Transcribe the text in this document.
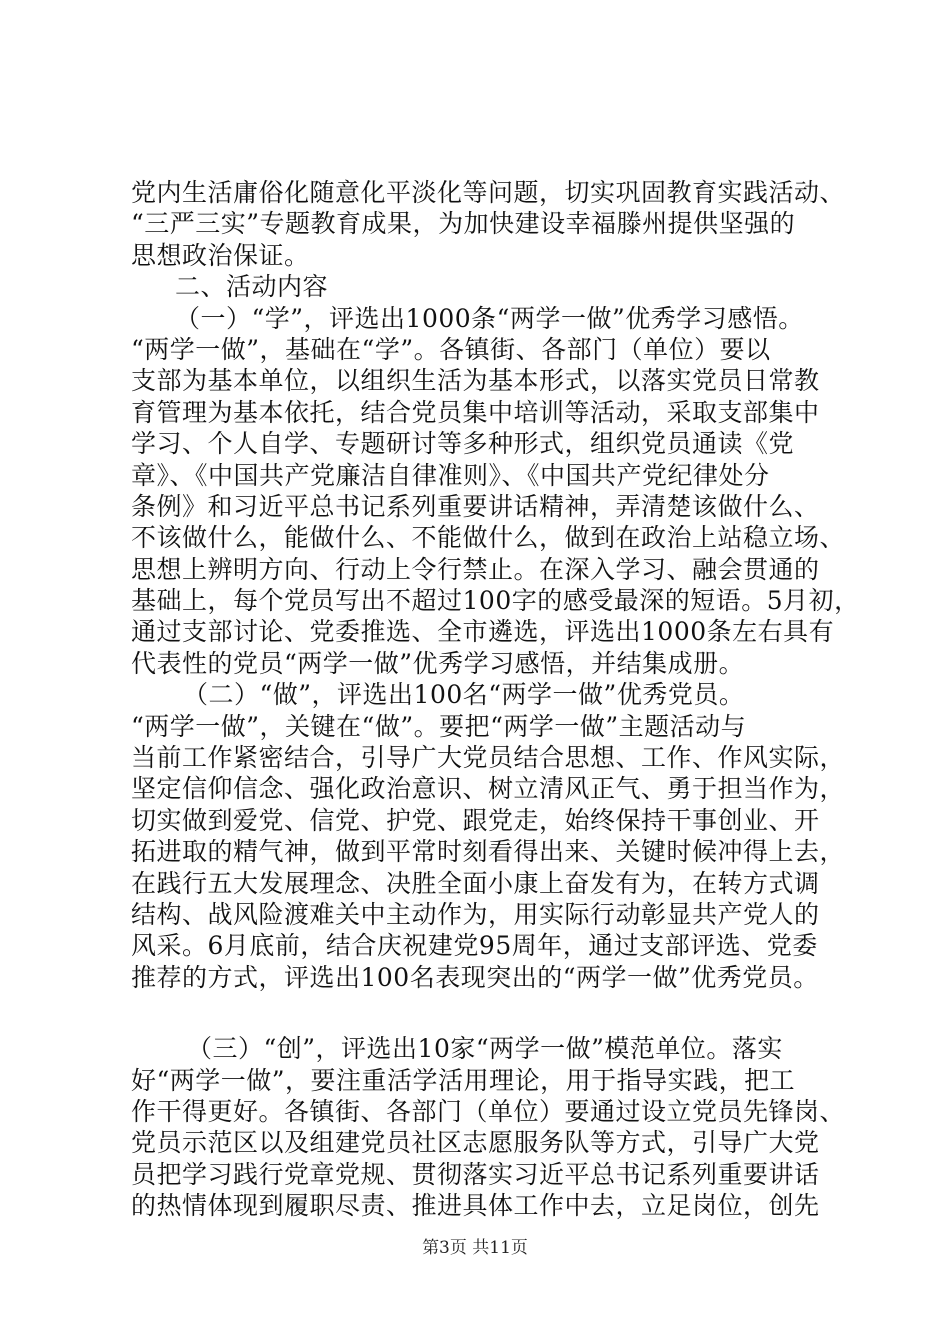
党内生活庸俗化随意化平淡化等问题，切实巩固教育实践活动、
“三严三实”专题教育成果，为加快建设幸福滕州提供坚强的
思想政治保证。
二、活动内容
（一）“学”，评选出1000条“两学一做”优秀学习感悟。
“两学一做”，基础在“学”。各镇街、各部门（单位）要以
支部为基本单位，以组织生活为基本形式，以落实党员日常教
育管理为基本依托，结合党员集中培训等活动，采取支部集中
学习、个人自学、专题研讨等多种形式，组织党员通读《党
章》、《中国共产党廉洁自律准则》、《中国共产党纪律处分
条例》和习近平总书记系列重要讲话精神，弄清楚该做什么、
不该做什么，能做什么、不能做什么，做到在政治上站稳立场、
思想上辨明方向、行动上令行禁止。在深入学习、融会贯通的
基础上，每个党员写出不超过100字的感受最深的短语。5月初，
通过支部讨论、党委推选、全市遴选，评选出1000条左右具有
代表性的党员“两学一做”优秀学习感悟，并结集成册。
（二）“做”，评选出100名“两学一做”优秀党员。
“两学一做”，关键在“做”。要把“两学一做”主题活动与
当前工作紧密结合，引导广大党员结合思想、工作、作风实际，
坚定信仰信念、强化政治意识、树立清风正气、勇于担当作为，
切实做到爱党、信党、护党、跟党走，始终保持干事创业、开
拓进取的精气神，做到平常时刻看得出来、关键时候冲得上去，
在践行五大发展理念、决胜全面小康上奋发有为，在转方式调
结构、战风险渡难关中主动作为，用实际行动彰显共产党人的
风采。6月底前，结合庆祝建党95周年，通过支部评选、党委
推荐的方式，评选出100名表现突出的“两学一做”优秀党员。
（三）“创”，评选出10家“两学一做”模范单位。落实
好“两学一做”，要注重活学活用理论，用于指导实践，把工
作干得更好。各镇街、各部门（单位）要通过设立党员先锋岗、
党员示范区以及组建党员社区志愿服务队等方式，引导广大党
员把学习践行党章党规、贯彻落实习近平总书记系列重要讲话
的热情体现到履职尽责、推进具体工作中去，立足岗位，创先
第3页 共11页
